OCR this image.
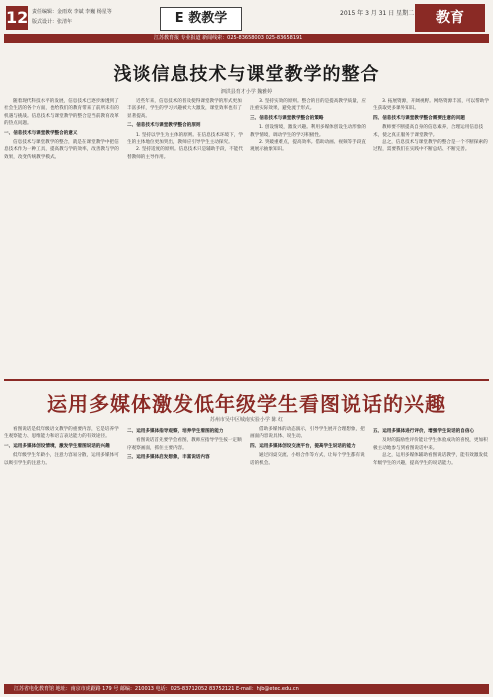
12 责任编辑：金雨欢 李斌 李巍 杨星等
版式设计：张清年	E 教教学	2015 年 3 月 31 日 星期二	教育
江苏教育报 专业报道 新闻线索：025-83658003 025-83658191
浅谈信息技术与课堂教学的整合
泗洪县育才小学 魏雅婷

随着现代科技水平的发展，信息技术已逐步渗透到了社会生活的各个方面，也给我们的教育带来了前所未有的机遇与挑战。信息技术与课堂教学的整合是当前教育改革的热点问题。

一、信息技术与课堂教学整合的意义

信息技术与课堂教学的整合，就是在课堂教学中把信息技术作为一种工具，提高教与学的效率，改善教与学的效果，改变传统教学模式。

近些年来，信息技术的普及使得课堂教学的形式更加丰富多样，学生的学习兴趣被大大激发，课堂效率也有了显著提高。

二、信息技术与课堂教学整合的原则

1. 坚持以学生为主体的原则。在信息技术环境下，学生的主体地位更加突出，教师应引导学生主动探究。

2. 坚持适度的原则。信息技术只是辅助手段，不能代替教师的主导作用。

3. 坚持实效的原则。整合的目的是提高教学质量，应注重实际效果，避免流于形式。

三、信息技术与课堂教学整合的策略

1. 创设情境，激发兴趣。利用多媒体创设生动形象的教学情境，调动学生的学习积极性。

2. 突破重难点，提高效率。借助动画、视频等手段直观展示抽象知识。

3. 拓展资源，开阔视野。网络资源丰富，可以帮助学生获取更多课外知识。

四、信息技术与课堂教学整合需要注意的问题

教师要不断提高自身的信息素养，合理运用信息技术，使之真正服务于课堂教学。

总之，信息技术与课堂教学的整合是一个不断探索的过程，需要我们在实践中不断总结、不断完善。

运用多媒体激发低年级学生看图说话的兴趣
苏州市吴中区城南实验小学 陈 红

看图说话是低年级语文教学的重要内容，它是培养学生观察能力、思维能力和语言表达能力的有效途径。

一、运用多媒体创设情境，激发学生看图说话的兴趣

低年级学生年龄小，注意力容易分散，运用多媒体可以吸引学生的注意力。

二、运用多媒体指导观察，培养学生看图的能力

看图说话首先要学会看图，教师应指导学生按一定顺序观察画面，抓住主要内容。

三、运用多媒体启发想象，丰富说话内容

借助多媒体的动态演示，引导学生展开合理想象，把画面内容说具体、说生动。

四、运用多媒体创设交流平台，提高学生说话的能力

通过同桌交流、小组合作等方式，让每个学生都有说话的机会。

五、运用多媒体进行评价，增强学生说话的自信心

及时的鼓励性评价能让学生体验成功的喜悦，更加积极主动地参与到看图说话中来。

总之，运用多媒体辅助看图说话教学，能有效激发低年级学生的兴趣，提高学生的说话能力。

江苏省电化教育馆 地址：南京市虎踞路 179 号 邮编：210013 电话：025-83712052 83752121 E-mail：hjb@etec.edu.cn
